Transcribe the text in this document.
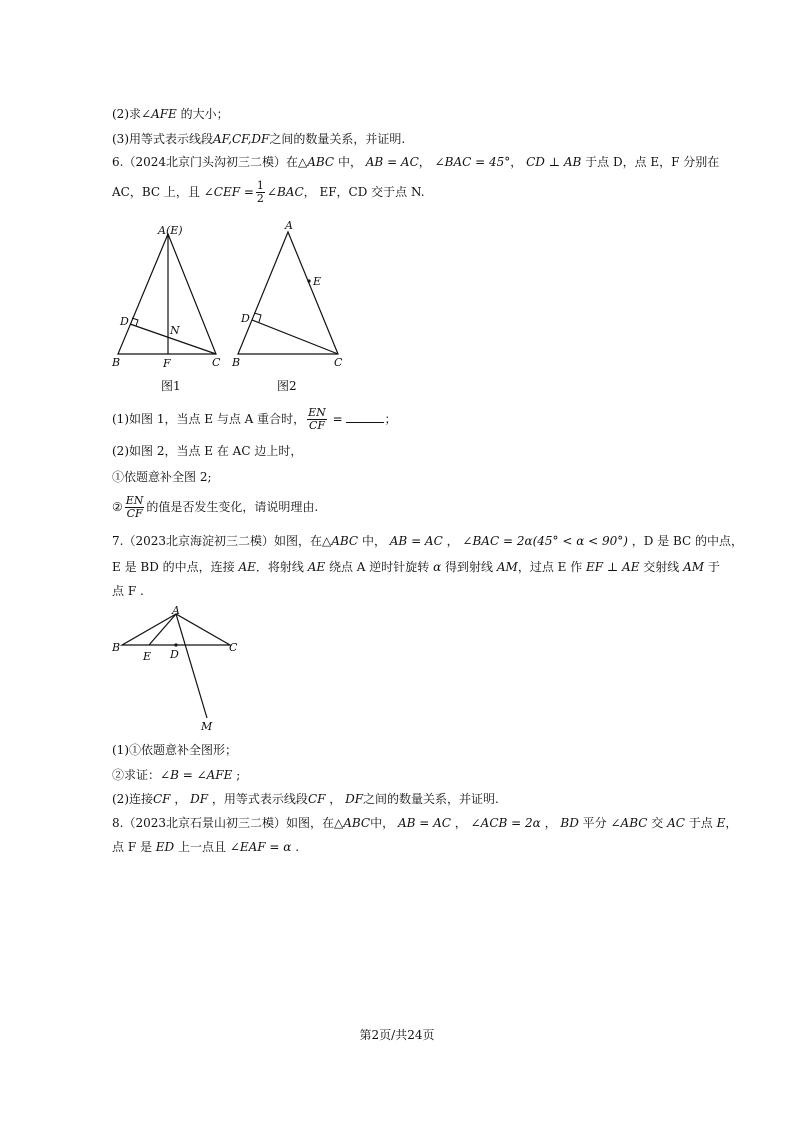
(2)求∠AFE 的大小；
(3)用等式表示线段AF,CF,DF之间的数量关系，并证明.
6.（2024北京门头沟初三二模）在△ABC 中， AB = AC， ∠BAC = 45°， CD ⊥ AB 于点 D，点 E，F 分别在
AC，BC 上，且 ∠CEF = $\frac{1}{2}$ ∠BAC， EF，CD 交于点 N.
A(E)
B	C
D
F
N
图1
A
B	C
D
E
图2
(1)如图 1，当点 E 与点 A 重合时， $\frac{EN}{CF}$ =	；
(2)如图 2，当点 E 在 AC 边上时，
①依题意补全图 2;
② $\frac{EN}{CF}$ 的值是否发生变化，请说明理由.
7.（2023北京海淀初三二模）如图，在△ABC 中， AB = AC ， ∠BAC = 2α(45° < α < 90°) ，D 是 BC 的中点，
E 是 BD 的中点，连接 AE．将射线 AE 绕点 A 逆时针旋转 α 得到射线 AM，过点 E 作 EF ⊥ AE 交射线 AM 于
点 F .
A
B	C
D
E
M
(1)①依题意补全图形；
②求证：∠B = ∠AFE ;
(2)连接CF ， DF ，用等式表示线段CF ， DF之间的数量关系，并证明.
8.（2023北京石景山初三二模）如图，在△ABC中， AB = AC ， ∠ACB = 2α ， BD 平分 ∠ABC 交 AC 于点 E，
点 F 是 ED 上一点且 ∠EAF = α .
第2页/共24页
